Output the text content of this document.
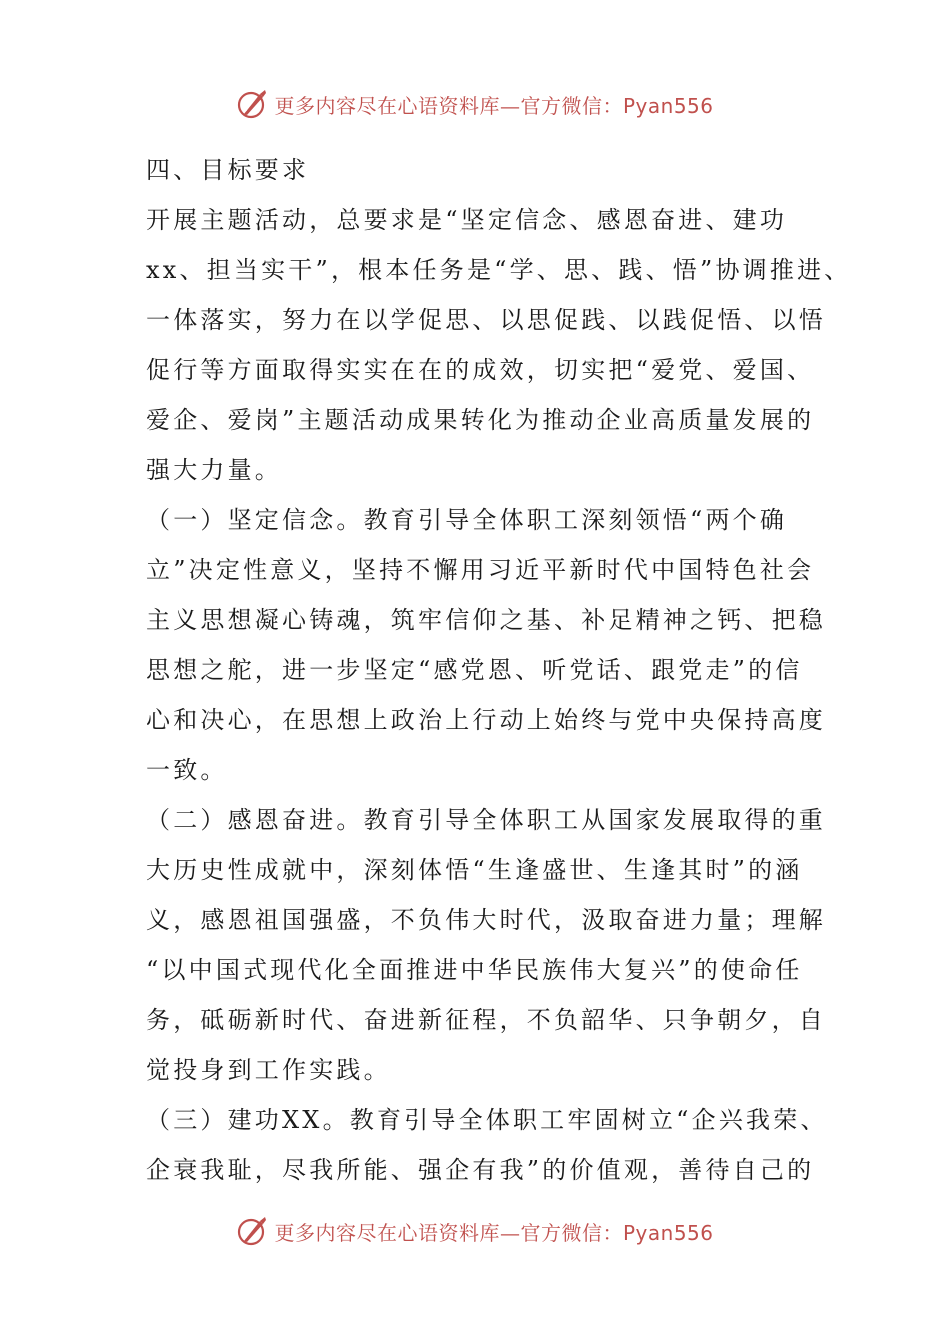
更多内容尽在心语资料库—官方微信：Pyan556
四、目标要求
开展主题活动，总要求是“坚定信念、感恩奋进、建功
xx、担当实干”，根本任务是“学、思、践、悟”协调推进、
一体落实，努力在以学促思、以思促践、以践促悟、以悟
促行等方面取得实实在在的成效，切实把“爱党、爱国、
爱企、爱岗”主题活动成果转化为推动企业高质量发展的
强大力量。
（一）坚定信念。教育引导全体职工深刻领悟“两个确
立”决定性意义，坚持不懈用习近平新时代中国特色社会
主义思想凝心铸魂，筑牢信仰之基、补足精神之钙、把稳
思想之舵，进一步坚定“感党恩、听党话、跟党走”的信
心和决心，在思想上政治上行动上始终与党中央保持高度
一致。
（二）感恩奋进。教育引导全体职工从国家发展取得的重
大历史性成就中，深刻体悟“生逢盛世、生逢其时”的涵
义，感恩祖国强盛，不负伟大时代，汲取奋进力量；理解
“以中国式现代化全面推进中华民族伟大复兴”的使命任
务，砥砺新时代、奋进新征程，不负韶华、只争朝夕，自
觉投身到工作实践。
（三）建功XX。教育引导全体职工牢固树立“企兴我荣、
企衰我耻，尽我所能、强企有我”的价值观，善待自己的
更多内容尽在心语资料库—官方微信：Pyan556
